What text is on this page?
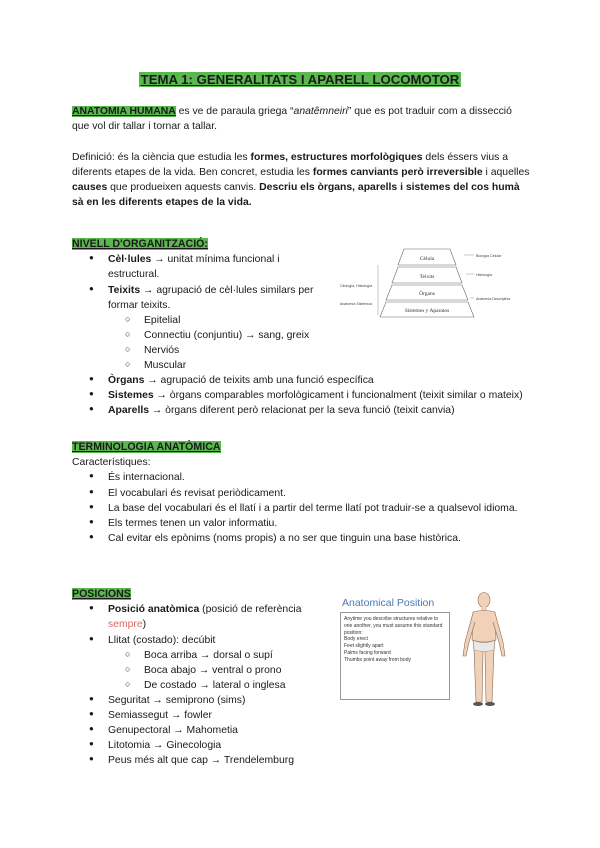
TEMA 1: GENERALITATS I APARELL LOCOMOTOR
ANATOMIA HUMANA es ve de paraula griega “anatêmneiri” que es pot traduir com a dissecció que vol dir tallar i tornar a tallar.
Definició: és la ciència que estudia les formes, estructures morfològiques dels éssers vius a diferents etapes de la vida. Ben concret, estudia les formes canviants però irreversible i aquelles causes que produeixen aquests canvis. Descriu els òrgans, aparells i sistemes del cos humà sà en les diferents etapes de la vida.
NIVELL D'ORGANITZACIÓ:
● Cèl·lules → unitat mínima funcional i estructural.
● Teixits → agrupació de cèl·lules similars per formar teixits.
○ Epitelial
○ Connectiu (conjuntiu) → sang, greix
○ Nerviós
○ Muscular
● Òrgans → agrupació de teixits amb una funció específica
● Sistemes → òrgans comparables morfològicament i funcionalment (teixit similar o mateix)
● Aparells → òrgans diferent però relacionat per la seva funció (teixit canvia)
Cèlula
Teixits
Òrgans
Sistemes y Aparatos
Biología Celular
Histología
Anatomía Descriptiva
Citología, Histología
Anatomía Sistémica
TERMINOLOGIA ANATÒMICA
Característiques:
● És internacional.
● El vocabulari és revisat periòdicament.
● La base del vocabulari és el llatí i a partir del terme llatí pot traduir-se a qualsevol idioma.
● Els termes tenen un valor informatiu.
● Cal evitar els epònims (noms propis) a no ser que tinguin una base històrica.
POSICIONS
● Posició anatòmica (posició de referència sempre)
● Llitat (costado): decúbit
○ Boca arriba → dorsal o supí
○ Boca abajo → ventral o prono
○ De costado → lateral o inglesa
● Seguritat → semiprono (sims)
● Semiassegut → fowler
● Genupectoral → Mahometia
● Litotomia → Ginecologia
● Peus més alt que cap → Trendelemburg
Anatomical Position
Anytime you describe structures relative to one another, you must assume this standard position:
Body erect
Feet slightly apart
Palms facing forward
Thumbs point away from body
